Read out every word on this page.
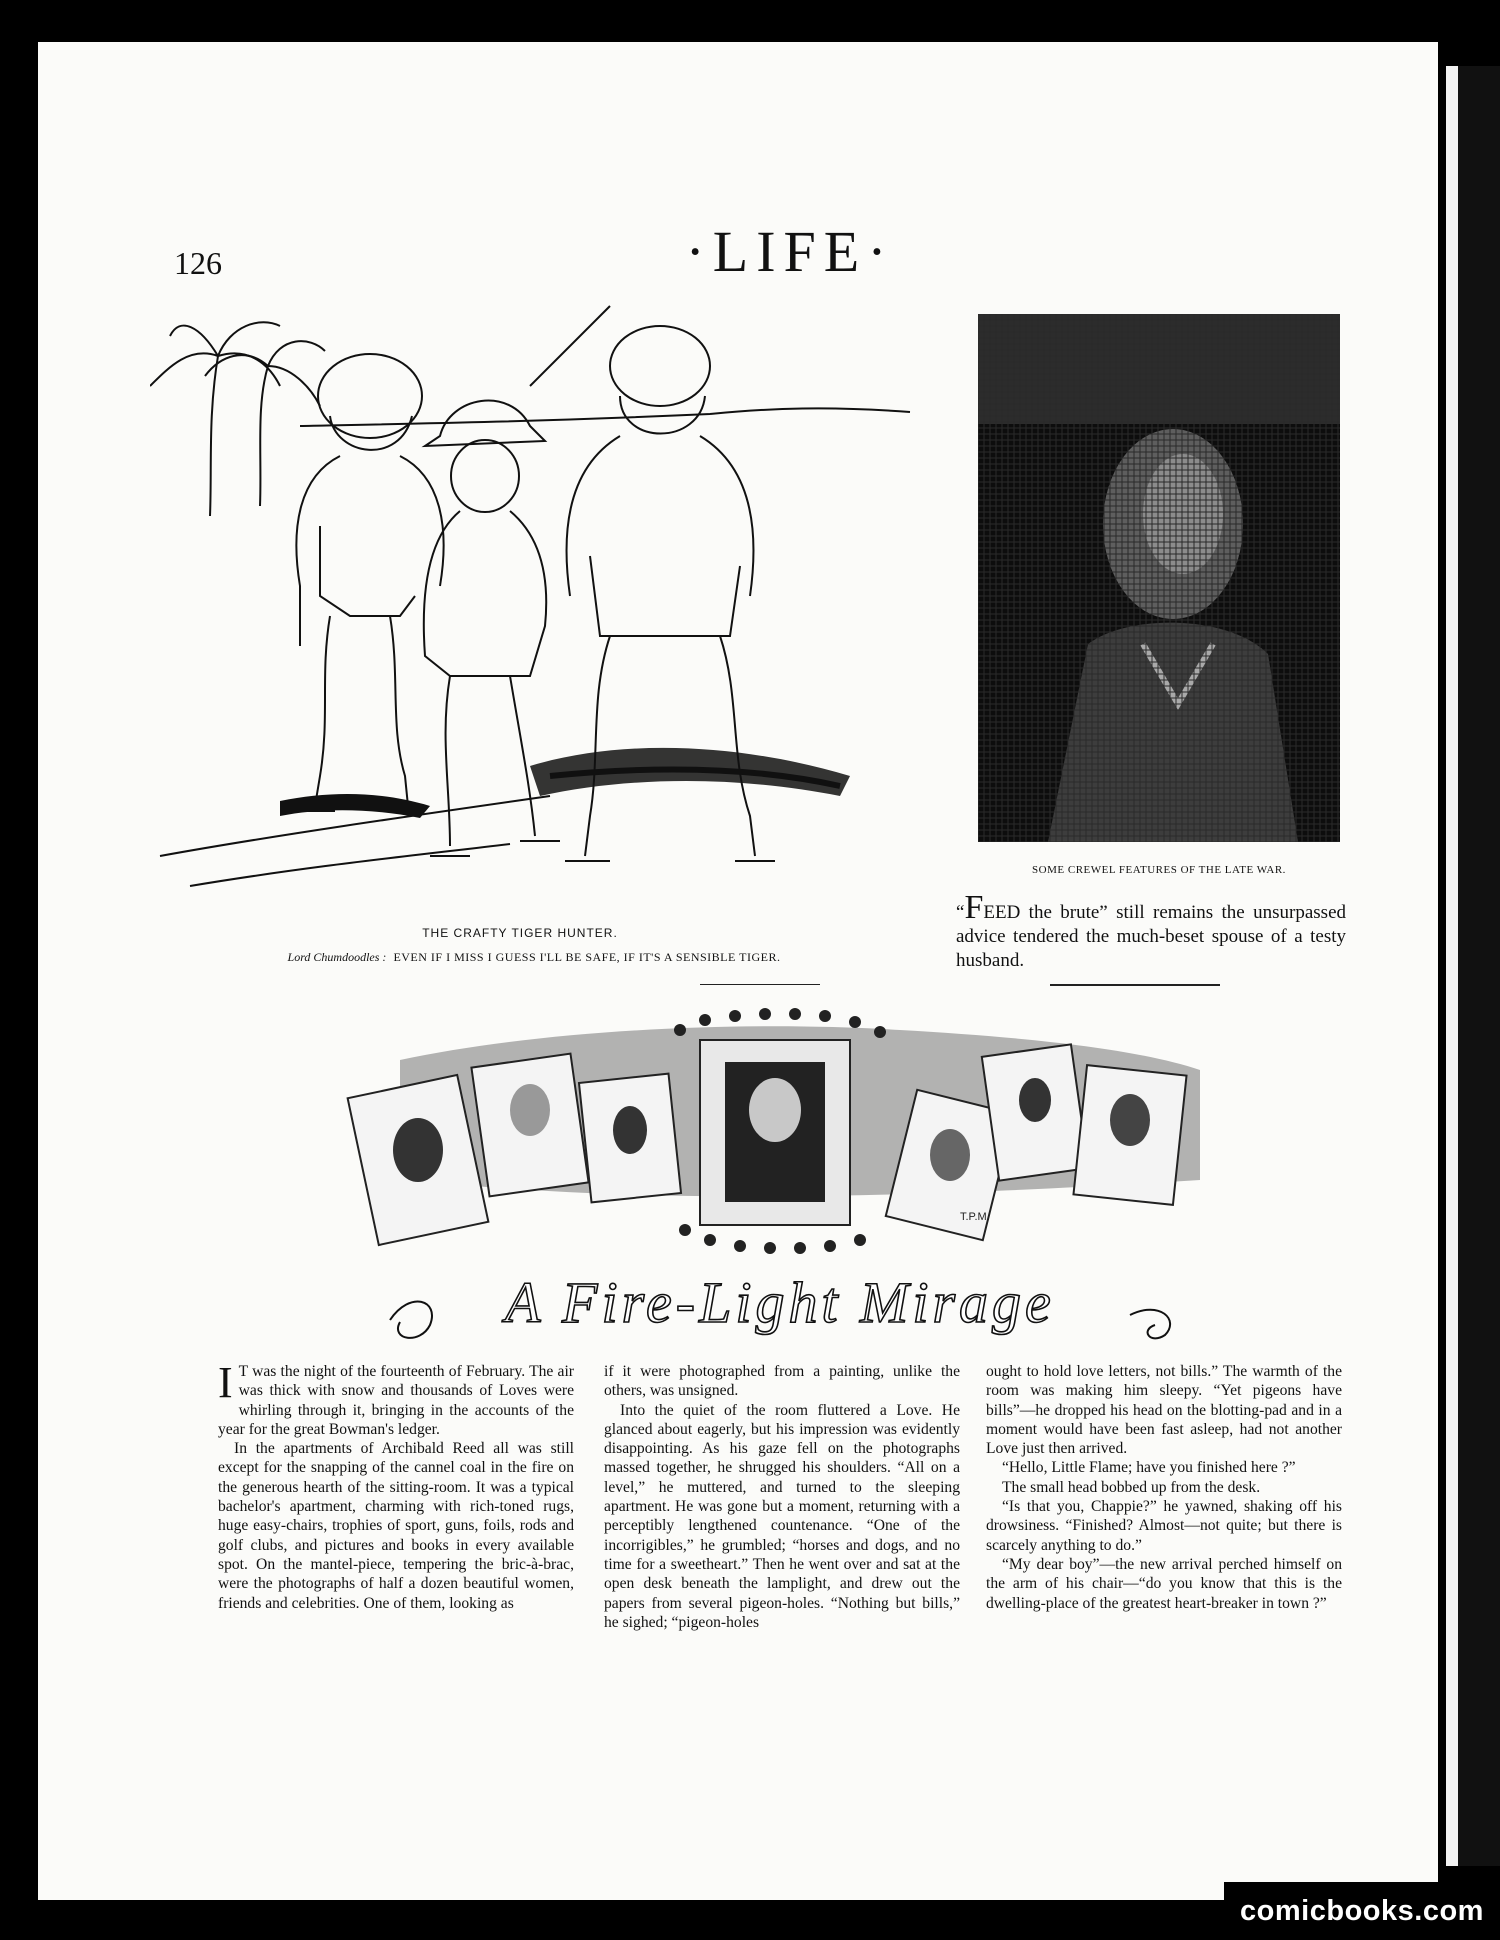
126	·LIFE·
THE CRAFTY TIGER HUNTER.
Lord Chumdoodles : EVEN IF I MISS I GUESS I'LL BE SAFE, IF IT'S A SENSIBLE TIGER.
SOME CREWEL FEATURES OF THE LATE WAR.
“FEED the brute” still remains the unsurpassed advice tendered the much-beset spouse of a testy husband.
T.P.M.
A Fire-Light Mirage

I T was the night of the fourteenth of February. The air was thick with snow and thousands of Loves were whirling through it, bringing in the accounts of the year for the great Bowman's ledger.

In the apartments of Archibald Reed all was still except for the snapping of the cannel coal in the fire on the generous hearth of the sitting-room. It was a typical bachelor's apartment, charming with rich-toned rugs, huge easy-chairs, trophies of sport, guns, foils, rods and golf clubs, and pictures and books in every available spot. On the mantel-piece, tempering the bric-à-brac, were the photographs of half a dozen beautiful women, friends and celebrities. One of them, looking as

if it were photographed from a painting, unlike the others, was unsigned.

Into the quiet of the room fluttered a Love. He glanced about eagerly, but his impression was evidently disappointing. As his gaze fell on the photographs massed together, he shrugged his shoulders. “All on a level,” he muttered, and turned to the sleeping apartment. He was gone but a moment, returning with a perceptibly lengthened countenance. “One of the incorrigibles,” he grumbled; “horses and dogs, and no time for a sweetheart.” Then he went over and sat at the open desk beneath the lamplight, and drew out the papers from several pigeon-holes. “Nothing but bills,” he sighed; “pigeon-holes

ought to hold love letters, not bills.” The warmth of the room was making him sleepy. “Yet pigeons have bills”—he dropped his head on the blotting-pad and in a moment would have been fast asleep, had not another Love just then arrived.

“Hello, Little Flame; have you finished here ?”

The small head bobbed up from the desk.

“Is that you, Chappie?” he yawned, shaking off his drowsiness. “Finished? Almost—not quite; but there is scarcely anything to do.”

“My dear boy”—the new arrival perched himself on the arm of his chair—“do you know that this is the dwelling-place of the greatest heart-breaker in town ?”

comicbooks.com
